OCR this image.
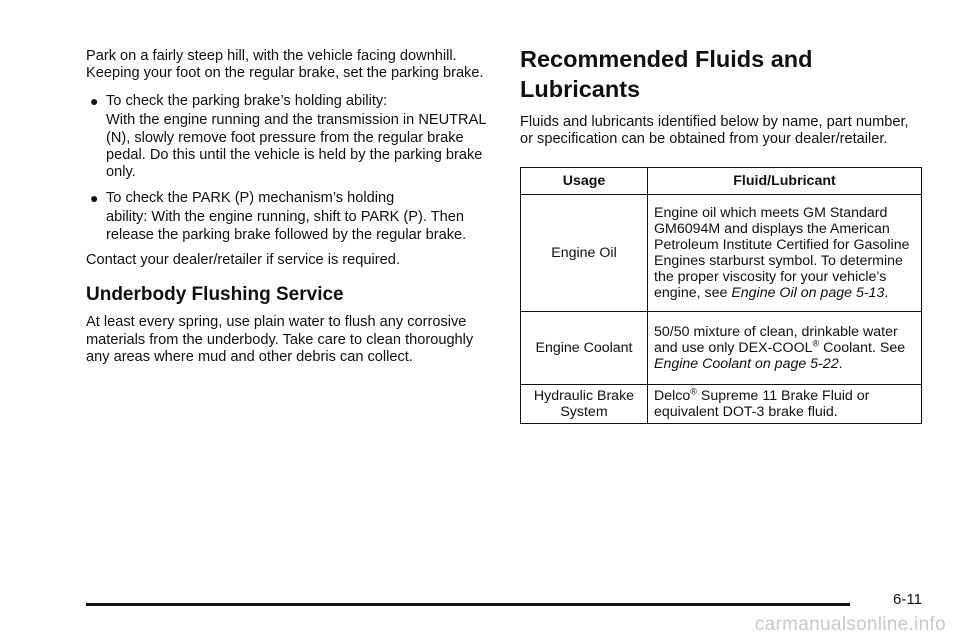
Park on a fairly steep hill, with the vehicle facing downhill. Keeping your foot on the regular brake, set the parking brake.

● To check the parking brake’s holding ability:
With the engine running and the transmission in NEUTRAL (N), slowly remove foot pressure from the regular brake pedal. Do this until the vehicle is held by the parking brake only.
● To check the PARK (P) mechanism’s holding
ability: With the engine running, shift to PARK (P). Then release the parking brake followed by the regular brake.

Contact your dealer/retailer if service is required.

Underbody Flushing Service

At least every spring, use plain water to flush any corrosive materials from the underbody. Take care to clean thoroughly any areas where mud and other debris can collect.

Recommended Fluids and Lubricants

Fluids and lubricants identified below by name, part number, or specification can be obtained from your dealer/retailer.

Usage	Fluid/Lubricant
Engine Oil	Engine oil which meets GM Standard GM6094M and displays the American Petroleum Institute Certified for Gasoline Engines starburst symbol. To determine the proper viscosity for your vehicle’s engine, see Engine Oil on page 5-13.
Engine Coolant	50/50 mixture of clean, drinkable water and use only DEX-COOL® Coolant. See Engine Coolant on page 5-22.
Hydraulic Brake System	Delco® Supreme 11 Brake Fluid or equivalent DOT-3 brake fluid.
6-11
carmanualsonline.info
